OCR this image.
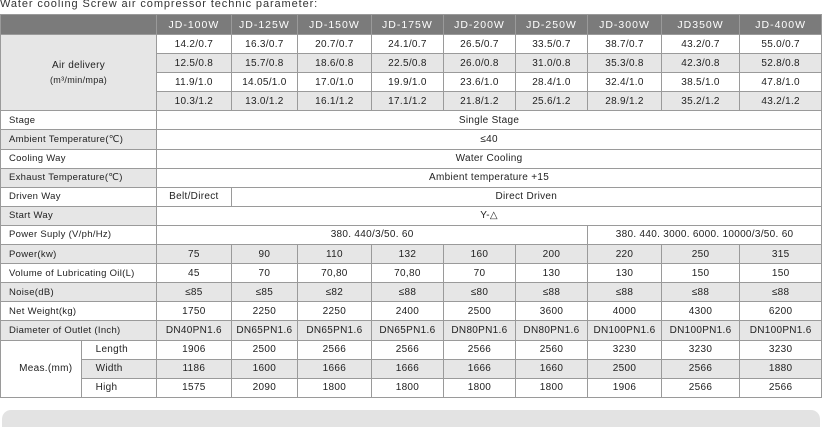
Water cooling Screw air compressor technic parameter:
		JD-100W	JD-125W	JD-150W	JD-175W	JD-200W	JD-250W	JD-300W	JD350W	JD-400W

Air delivery
(m³/min/mpa)		14.2/0.7	16.3/0.7	20.7/0.7	24.1/0.7	26.5/0.7	33.5/0.7	38.7/0.7	43.2/0.7	55.0/0.7
		12.5/0.8	15.7/0.8	18.6/0.8	22.5/0.8	26.0/0.8	31.0/0.8	35.3/0.8	42.3/0.8	52.8/0.8
		11.9/1.0	14.05/1.0	17.0/1.0	19.9/1.0	23.6/1.0	28.4/1.0	32.4/1.0	38.5/1.0	47.8/1.0
		10.3/1.2	13.0/1.2	16.1/1.2	17.1/1.2	21.8/1.2	25.6/1.2	28.9/1.2	35.2/1.2	43.2/1.2
Stage		Single Stage								
Ambient Temperature(℃)		≤40								
Cooling Way		Water Cooling								
Exhaust Temperature(℃)		Ambient temperature +15								
Driven Way		Belt/Direct	Direct Driven							
Start Way		Y-△								
Power Suply (V/ph/Hz)		380. 440/3/50. 60						380. 440. 3000. 6000. 10000/3/50. 60		
Power(kw)		75	90	110	132	160	200	220	250	315
Volume of Lubricating Oil(L)		45	70	70,80	70,80	70	130	130	150	150
Noise(dB)		≤85	≤85	≤82	≤88	≤80	≤88	≤88	≤88	≤88
Net Weight(kg)		1750	2250	2250	2400	2500	3600	4000	4300	6200
Diameter of Outlet (Inch)		DN40PN1.6	DN65PN1.6	DN65PN1.6	DN65PN1.6	DN80PN1.6	DN80PN1.6	DN100PN1.6	DN100PN1.6	DN100PN1.6
Meas.(mm)	Length	1906	2500	2566	2566	2566	2560	3230	3230	3230
	Width	1186	1600	1666	1666	1666	1660	2500	2566	1880
	High	1575	2090	1800	1800	1800	1800	1906	2566	2566
